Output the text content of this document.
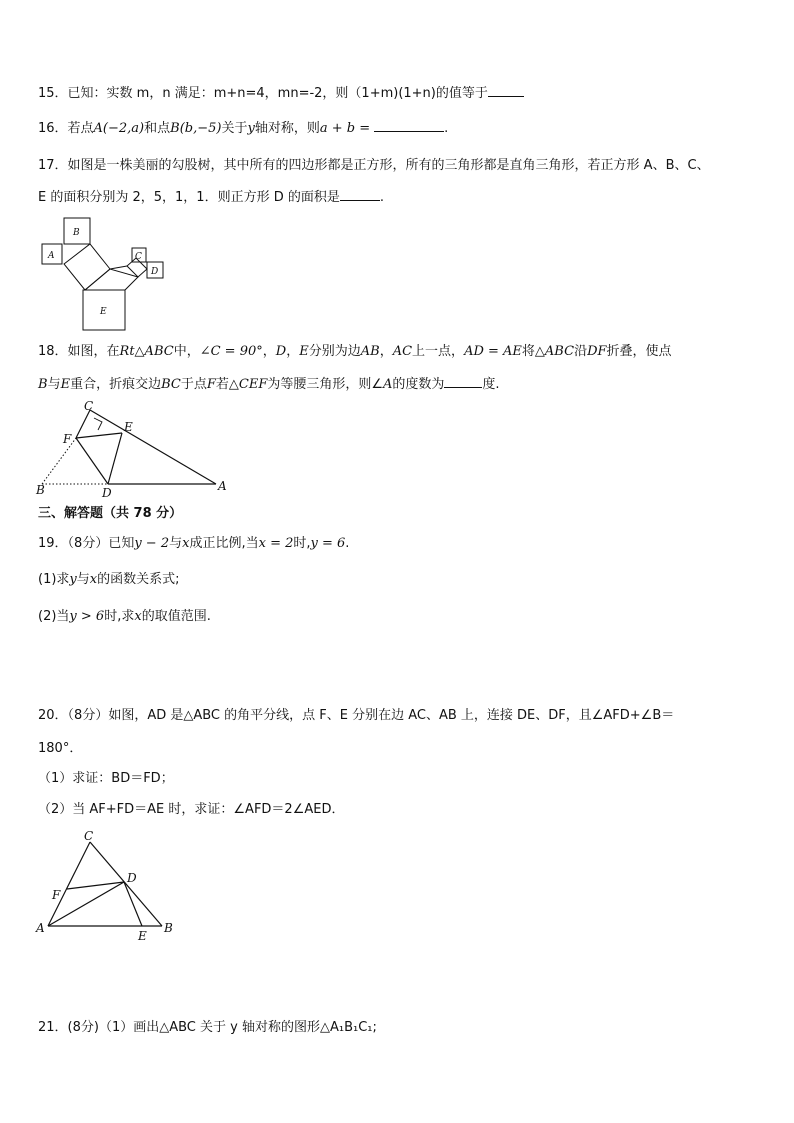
15．已知：实数 m，n 满足：m+n=4，mn=-2，则（1+m)(1+n)的值等于
16．若点A(−2,a)和点B(b,−5)关于y轴对称，则a + b =	.
17．如图是一株美丽的勾股树，其中所有的四边形都是正方形，所有的三角形都是直角三角形，若正方形 A、B、C、
E 的面积分别为 2，5，1，1．则正方形 D 的面积是	.
A
B
C
D
E
18．如图，在Rt△ABC中，∠C = 90°，D，E分别为边AB，AC上一点，AD = AE将△ABC沿DF折叠，使点
B与E重合，折痕交边BC于点F若△CEF为等腰三角形，则∠A的度数为	度.
C
F
E
B	D	A
三、解答题（共 78 分）
19．（8分）已知y − 2与x成正比例,当x = 2时,y = 6.
(1)求y与x的函数关系式;
(2)当y > 6时,求x的取值范围.
20．（8分）如图，AD 是△ABC 的角平分线，点 F、E 分别在边 AC、AB 上，连接 DE、DF，且∠AFD+∠B＝
180°．
（1）求证：BD＝FD；
（2）当 AF+FD＝AE 时，求证：∠AFD＝2∠AED．
C
D
F
A
E
B
21．(8分)（1）画出△ABC 关于 y 轴对称的图形△A₁B₁C₁;
